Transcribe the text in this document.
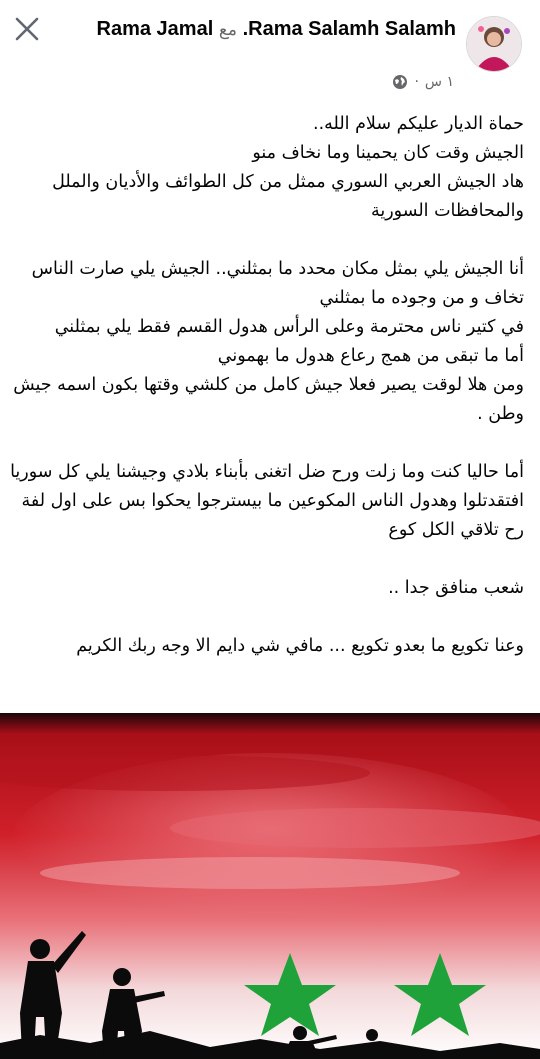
Rama Salamh Salamh. مع Rama Jamal
١ س
·

حماة الديار عليكم سلام الله..

الجيش وقت كان يحمينا وما نخاف منو

هاد الجيش العربي السوري ممثل من كل الطوائف والأديان والملل والمحافظات السورية

أنا الجيش يلي بمثل مكان محدد ما بمثلني.. الجيش يلي صارت الناس تخاف و من وجوده ما بمثلني

في كتير ناس محترمة وعلى الرأس هدول القسم فقط يلي بمثلني

أما ما تبقى من همج رعاع هدول ما بهموني

ومن هلا لوقت يصير فعلا جيش كامل من كلشي وقتها بكون اسمه جيش وطن .

أما حاليا كنت وما زلت ورح ضل اتغنى بأبناء بلادي وجيشنا يلي كل سوريا افتقدتلوا وهدول الناس المكوعين ما بيسترجوا يحكوا بس على اول لفة رح تلاقي الكل كوع

شعب منافق جدا ..

وعنا تكويع ما بعدو تكويع ... مافي شي دايم الا وجه ربك الكريم
